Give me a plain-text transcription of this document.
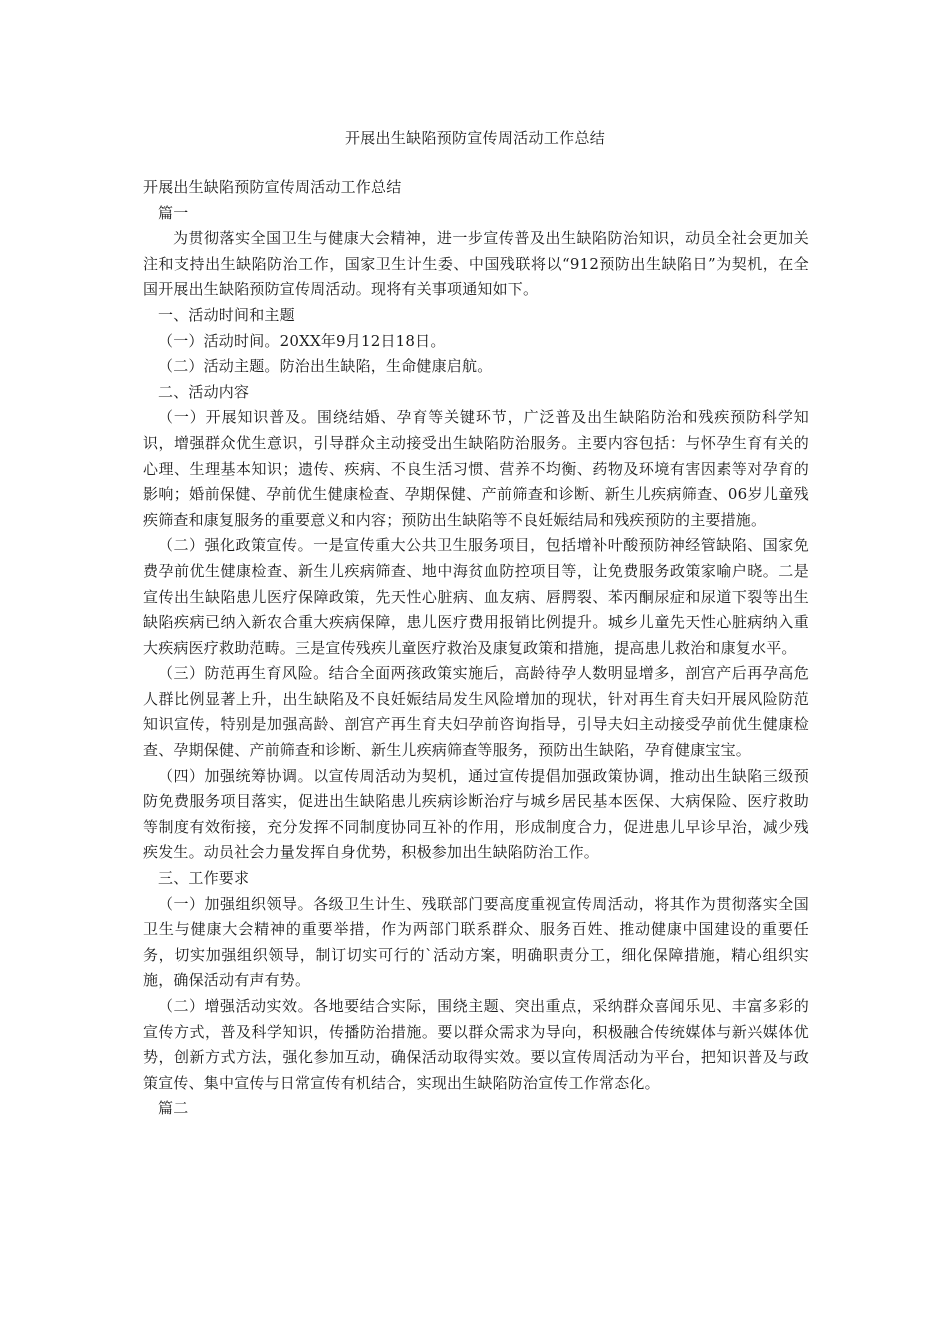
开展出生缺陷预防宣传周活动工作总结

开展出生缺陷预防宣传周活动工作总结

篇一

为贯彻落实全国卫生与健康大会精神，进一步宣传普及出生缺陷防治知识，动员全社会更加关注和支持出生缺陷防治工作，国家卫生计生委、中国残联将以“912预防出生缺陷日”为契机，在全国开展出生缺陷预防宣传周活动。现将有关事项通知如下。

一、活动时间和主题

（一）活动时间。20XX年9月12日18日。

（二）活动主题。防治出生缺陷，生命健康启航。

二、活动内容

（一）开展知识普及。围绕结婚、孕育等关键环节，广泛普及出生缺陷防治和残疾预防科学知识，增强群众优生意识，引导群众主动接受出生缺陷防治服务。主要内容包括：与怀孕生育有关的心理、生理基本知识；遗传、疾病、不良生活习惯、营养不均衡、药物及环境有害因素等对孕育的影响；婚前保健、孕前优生健康检查、孕期保健、产前筛查和诊断、新生儿疾病筛查、06岁儿童残疾筛查和康复服务的重要意义和内容；预防出生缺陷等不良妊娠结局和残疾预防的主要措施。

（二）强化政策宣传。一是宣传重大公共卫生服务项目，包括增补叶酸预防神经管缺陷、国家免费孕前优生健康检查、新生儿疾病筛查、地中海贫血防控项目等，让免费服务政策家喻户晓。二是宣传出生缺陷患儿医疗保障政策，先天性心脏病、血友病、唇腭裂、苯丙酮尿症和尿道下裂等出生缺陷疾病已纳入新农合重大疾病保障，患儿医疗费用报销比例提升。城乡儿童先天性心脏病纳入重大疾病医疗救助范畴。三是宣传残疾儿童医疗救治及康复政策和措施，提高患儿救治和康复水平。

（三）防范再生育风险。结合全面两孩政策实施后，高龄待孕人数明显增多，剖宫产后再孕高危人群比例显著上升，出生缺陷及不良妊娠结局发生风险增加的现状，针对再生育夫妇开展风险防范知识宣传，特别是加强高龄、剖宫产再生育夫妇孕前咨询指导，引导夫妇主动接受孕前优生健康检查、孕期保健、产前筛查和诊断、新生儿疾病筛查等服务，预防出生缺陷，孕育健康宝宝。

（四）加强统筹协调。以宣传周活动为契机，通过宣传提倡加强政策协调，推动出生缺陷三级预防免费服务项目落实，促进出生缺陷患儿疾病诊断治疗与城乡居民基本医保、大病保险、医疗救助等制度有效衔接，充分发挥不同制度协同互补的作用，形成制度合力，促进患儿早诊早治，减少残疾发生。动员社会力量发挥自身优势，积极参加出生缺陷防治工作。

三、工作要求

（一）加强组织领导。各级卫生计生、残联部门要高度重视宣传周活动，将其作为贯彻落实全国卫生与健康大会精神的重要举措，作为两部门联系群众、服务百姓、推动健康中国建设的重要任务，切实加强组织领导，制订切实可行的`活动方案，明确职责分工，细化保障措施，精心组织实施，确保活动有声有势。

（二）增强活动实效。各地要结合实际，围绕主题、突出重点，采纳群众喜闻乐见、丰富多彩的宣传方式，普及科学知识，传播防治措施。要以群众需求为导向，积极融合传统媒体与新兴媒体优势，创新方式方法，强化参加互动，确保活动取得实效。要以宣传周活动为平台，把知识普及与政策宣传、集中宣传与日常宣传有机结合，实现出生缺陷防治宣传工作常态化。

篇二
